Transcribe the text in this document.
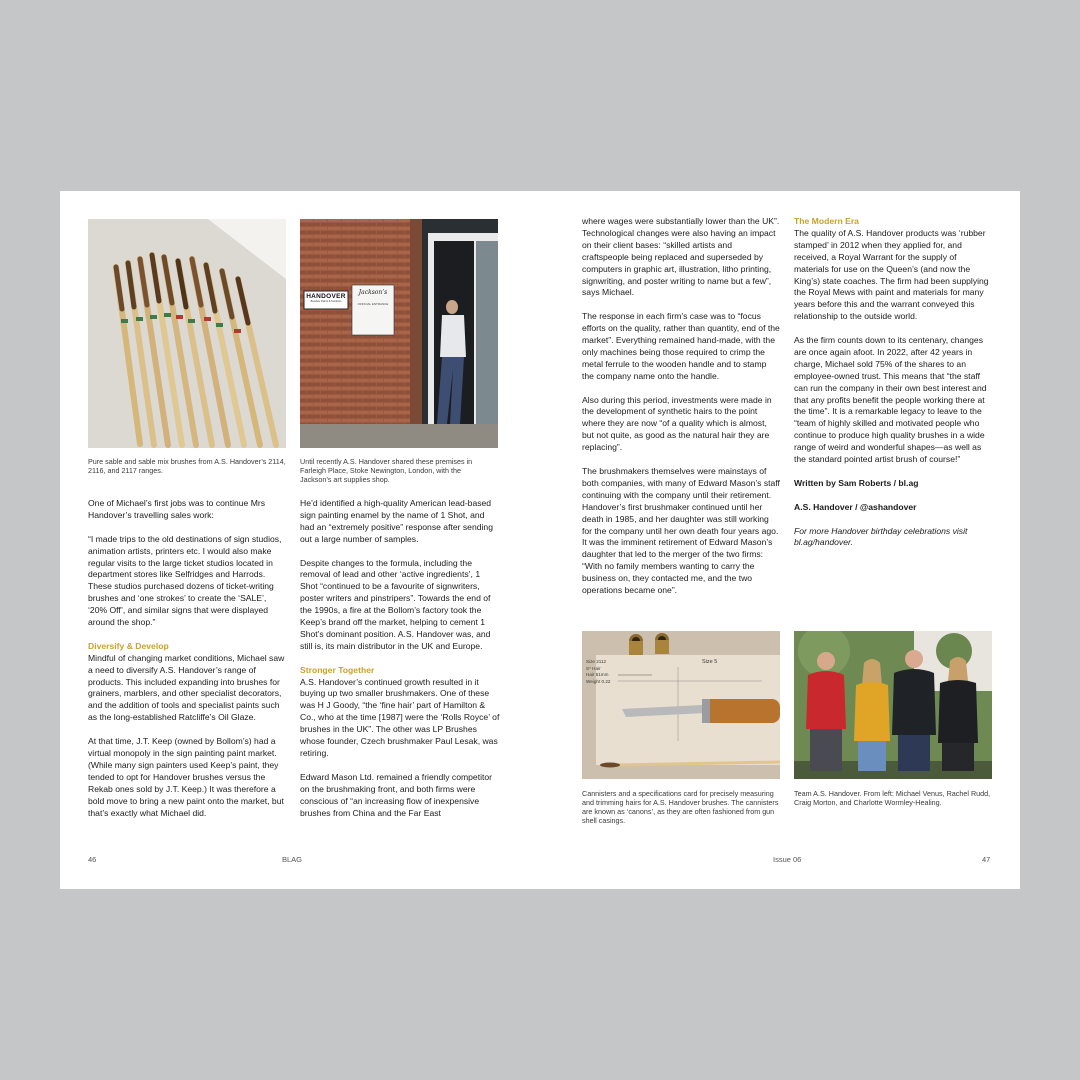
Pure sable and sable mix brushes from A.S. Handover’s 2114, 2116, and 2117 ranges.
HANDOVER
Brushes Paints & Sundries
Jackson’s
OFFICIAL ENTRANCE
Until recently A.S. Handover shared these premises in Farleigh Place, Stoke Newington, London, with the Jackson’s art supplies shop.

One of Michael’s first jobs was to continue Mrs Handover’s travelling sales work:

“I made trips to the old destinations of sign studios, animation artists, printers etc. I would also make regular visits to the large ticket studios located in department stores like Selfridges and Harrods. These studios purchased dozens of ticket-writing brushes and ‘one strokes’ to create the ‘SALE’, ‘20% Off’, and similar signs that were displayed around the shop.”

Diversify & Develop

Mindful of changing market conditions, Michael saw a need to diversify A.S. Handover’s range of products. This included expanding into brushes for grainers, marblers, and other specialist decorators, and the addition of tools and specialist paints such as the long-established Ratcliffe’s Oil Glaze.

At that time, J.T. Keep (owned by Bollom’s) had a virtual monopoly in the sign painting paint market. (While many sign painters used Keep’s paint, they tended to opt for Handover brushes versus the Rekab ones sold by J.T. Keep.) It was therefore a bold move to bring a new paint onto the market, but that’s exactly what Michael did.

He’d identified a high-quality American lead-based sign painting enamel by the name of 1 Shot, and had an “extremely positive” response after sending out a large number of samples.

Despite changes to the formula, including the removal of lead and other ‘active ingredients’, 1 Shot “continued to be a favourite of signwriters, poster writers and pinstripers”. Towards the end of the 1990s, a fire at the Bollom’s factory took the Keep’s brand off the market, helping to cement 1 Shot’s dominant position. A.S. Handover was, and still is, its main distributor in the UK and Europe.

Stronger Together

A.S. Handover’s continued growth resulted in it buying up two smaller brushmakers. One of these was H J Goody, “the ‘fine hair’ part of Hamilton & Co., who at the time [1987] were the ‘Rolls Royce’ of brushes in the UK”. The other was LP Brushes whose founder, Czech brushmaker Paul Lesak, was retiring.

Edward Mason Ltd. remained a friendly competitor on the brushmaking front, and both firms were conscious of “an increasing flow of inexpensive brushes from China and the Far East

where wages were substantially lower than the UK”. Technological changes were also having an impact on their client bases: “skilled artists and craftspeople being replaced and superseded by computers in graphic art, illustration, litho printing, signwriting, and poster writing to name but a few”, says Michael.

The response in each firm’s case was to “focus efforts on the quality, rather than quantity, end of the market”. Everything remained hand-made, with the only machines being those required to crimp the metal ferrule to the wooden handle and to stamp the company name onto the handle.

Also during this period, investments were made in the development of synthetic hairs to the point where they are now “of a quality which is almost, but not quite, as good as the natural hair they are replacing”.

The brushmakers themselves were mainstays of both companies, with many of Edward Mason’s staff continuing with the company until their retirement. Handover’s first brushmaker continued until her death in 1985, and her daughter was still working for the company until her own death four years ago. It was the imminent retirement of Edward Mason’s daughter that led to the merger of the two firms: “With no family members wanting to carry the business on, they contacted me, and the two operations became one”.

The Modern Era

The quality of A.S. Handover products was ‘rubber stamped’ in 2012 when they applied for, and received, a Royal Warrant for the supply of materials for use on the Queen’s (and now the King’s) state coaches. The firm had been supplying the Royal Mews with paint and materials for many years before this and the warrant conveyed this relationship to the outside world.

As the firm counts down to its centenary, changes are once again afoot. In 2022, after 42 years in charge, Michael sold 75% of the shares to an employee-owned trust. This means that “the staff can run the company in their own best interest and that any profits benefit the people working there at the time”. It is a remarkable legacy to leave to the “team of highly skilled and motivated people who continue to produce high quality brushes in a wide range of weird and wonderful shapes—as well as the standard pointed artist brush of course!”

Written by Sam Roberts / bl.ag

A.S. Handover / @ashandover

For more Handover birthday celebrations visit bl.ag/handover.

Size 2112
S* Hair
Hair 51mm
Weight 0.22
Size 5
Cannisters and a specifications card for precisely measuring and trimming hairs for A.S. Handover brushes. The cannisters are known as ‘canons’, as they are often fashioned from gun shell casings.
Team A.S. Handover. From left: Michael Venus, Rachel Rudd, Craig Morton, and Charlotte Wormley-Healing.
46	BLAG	Issue 06	47
